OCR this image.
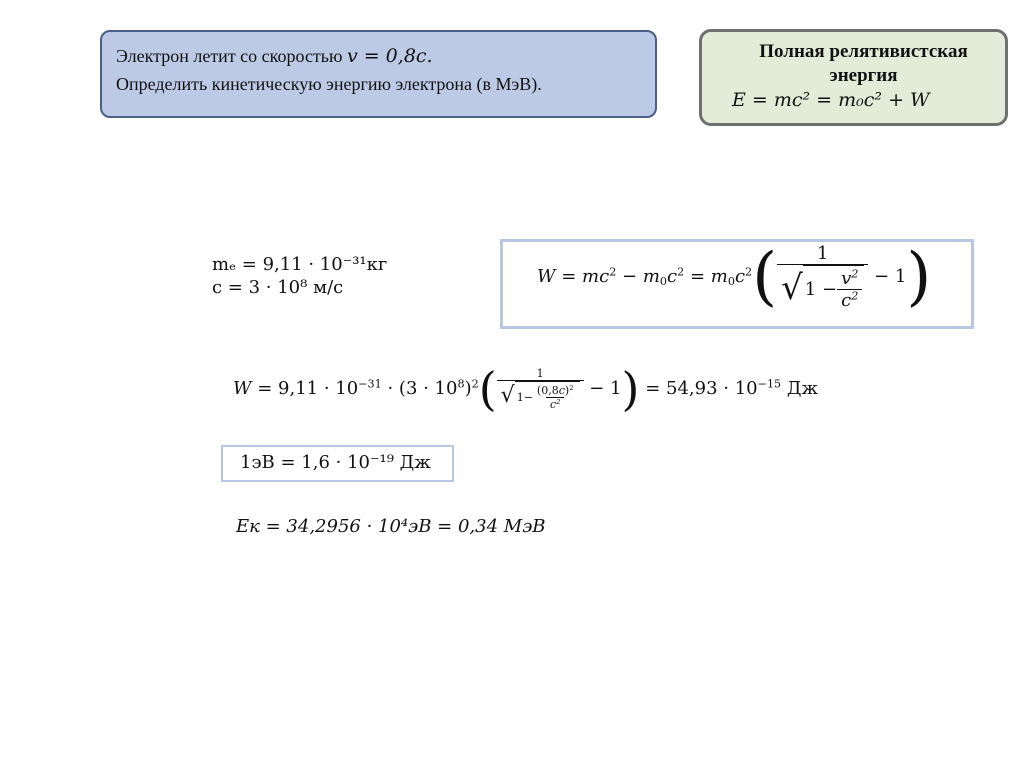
Электрон летит со скоростью v = 0,8c.
Определить кинетическую энергию электрона (в МэВ).
Полная релятивистская энергия
E = mc² = m₀c² + W
mₑ = 9,11 · 10⁻³¹кг
c = 3 · 10⁸ м/с
$W = mc^2 - m_0c^2 = m_0c^2( \frac{1}{√ 1 - \frac{v^2}{c^2}} - 1)$
$W = 9,11 \cdot 10^{-31} \cdot (3 \cdot 10^8)^2( \frac{1}{√ 1- \frac{(0,8c)^2}{c^2}} - 1) = 54,93 \cdot 10^{-15}$ Дж
1эВ = 1,6 · 10⁻¹⁹ Дж
Eк = 34,2956 · 10⁴эВ = 0,34 МэВ
